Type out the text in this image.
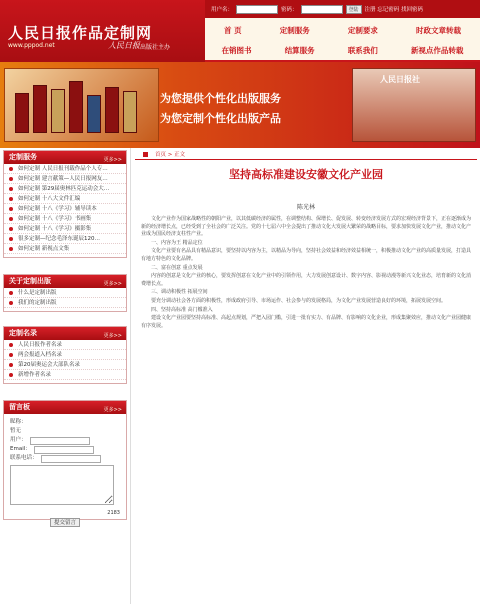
人民日报作品定制网
www.pppod.net	人民日报 出版社主办
用户名：	密码：	登陆	注册 忘记密码 找回密码
首 页	定制服务	定制要求	时政文章转载
在销图书	结算服务	联系我们	新视点作品转载
为您提供个性化出版服务
为您定制个性化出版产品
人民日报社
定制服务	更多>>
如何定制 人民日报刊载作品个人专…
如何定制 建言献策—人民日报网友…
如何定制 第29届奥林匹克运动会大…
如何定制 十八大文件汇编
如何定制 十八《学习》辅导读本
如何定制 十八《学习》书画集
如何定制 十八《学习》摄影集
很多定制—纪念毛泽东诞辰120…
如何定制 新视点文集
关于定制出版	更多>>
什么是定制出版
我们的定制出版
定制名录	更多>>
人民日报作者名录
两会报道入档名录
第20届奥运会大部队名录
新增作者名录
留言板	更多>>
昵称：
暂无
用户：
Email：
联系电话：
2183
提交留言
首页 > 正文
坚持高标准建设安徽文化产业园
陈光林

文化产业作为国家战略性的朝阳产业，以其低碳经济的属性，在调整结构、保增长、促发展、转变经济发展方式的宏观经济背景下，正在逐渐成为新的经济增长点，已经受到了全社会的广泛关注。党的十七届六中全会提出了推动文化大发展大繁荣的战略目标，要求加快发展文化产业，推动文化产业成为国民经济支柱性产业。

一、内容为王 精品定位

文化产业要有名品具有精品意识，要坚持以内容为主，以精品为导向，坚持社会效益和经济效益相统一，积极推动文化产业的高质量发展，打造具有地方特色的文化品牌。

二、富在创意 重点发展

内容的创意是文化产业的核心，要发挥创意在文化产业中的引领作用，大力发展创意设计、数字内容、影视动漫等新兴文化业态，培育新的文化消费增长点。

三、调动积极性 拓展空间

要充分调动社会各方面的积极性，形成政府引导、市场运作、社会参与的发展格局，为文化产业发展营造良好的环境，拓展发展空间。

四、坚持高标准 高门槛准入

建设文化产业园要坚持高标准、高起点规划，严把入园门槛，引进一批有实力、有品牌、有影响的文化企业，形成集聚效应，推动文化产业园健康有序发展。
